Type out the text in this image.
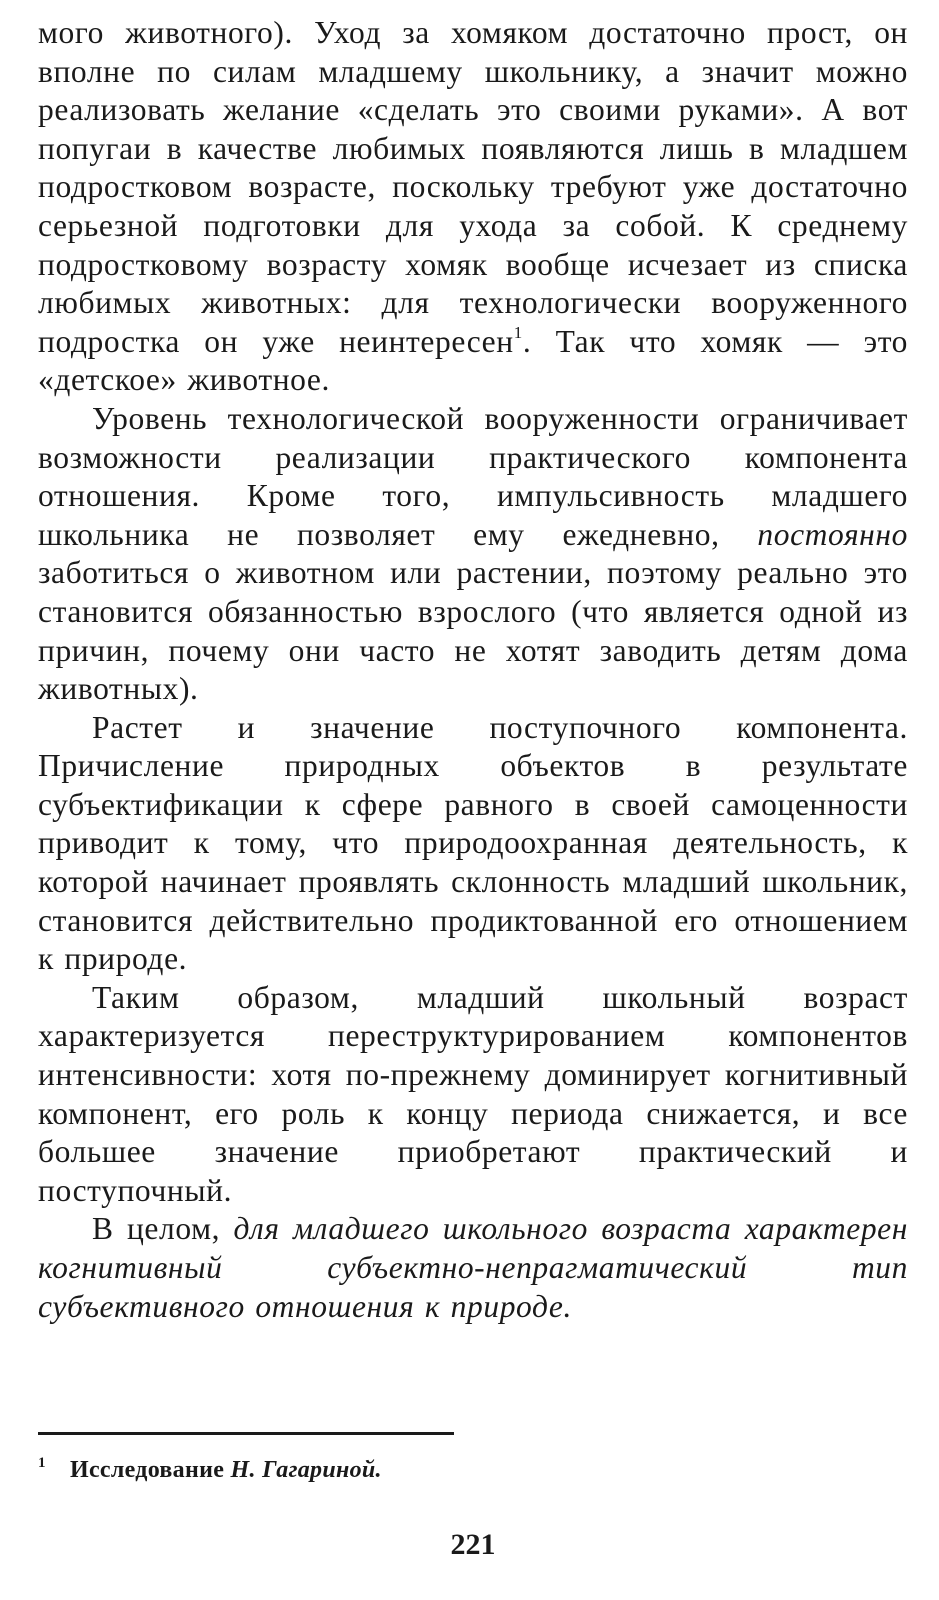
мого животного). Уход за хомяком достаточно прост, он вполне по силам младшему школьнику, а значит можно реализовать желание «сделать это своими руками». А вот попугаи в качестве любимых появляются лишь в младшем подростковом возрасте, поскольку требуют уже достаточно серьезной подготовки для ухода за собой. К среднему подростковому возрасту хомяк вообще исчезает из списка любимых животных: для технологически вооруженного подростка он уже неинтересен$^1$. Так что хомяк — это «детское» животное.

Уровень технологической вооруженности ограничивает возможности реализации практического компонента отношения. Кроме того, импульсивность младшего школьника не позволяет ему ежедневно, постоянно заботиться о животном или растении, поэтому реально это становится обязанностью взрослого (что является одной из причин, почему они часто не хотят заводить детям дома животных).

Растет и значение поступочного компонента. Причисление природных объектов в результате субъектификации к сфере равного в своей самоценности приводит к тому, что природоохранная деятельность, к которой начинает проявлять склонность младший школьник, становится действительно продиктованной его отношением к природе.

Таким образом, младший школьный возраст характеризуется переструктурированием компонентов интенсивности: хотя по-прежнему доминирует когнитивный компонент, его роль к концу периода снижается, и все большее значение приобретают практический и поступочный.

В целом, для младшего школьного возраста характерен когнитивный субъектно-непрагматический тип субъективного отношения к природе.

1 Исследование Н. Гагариной.
221
